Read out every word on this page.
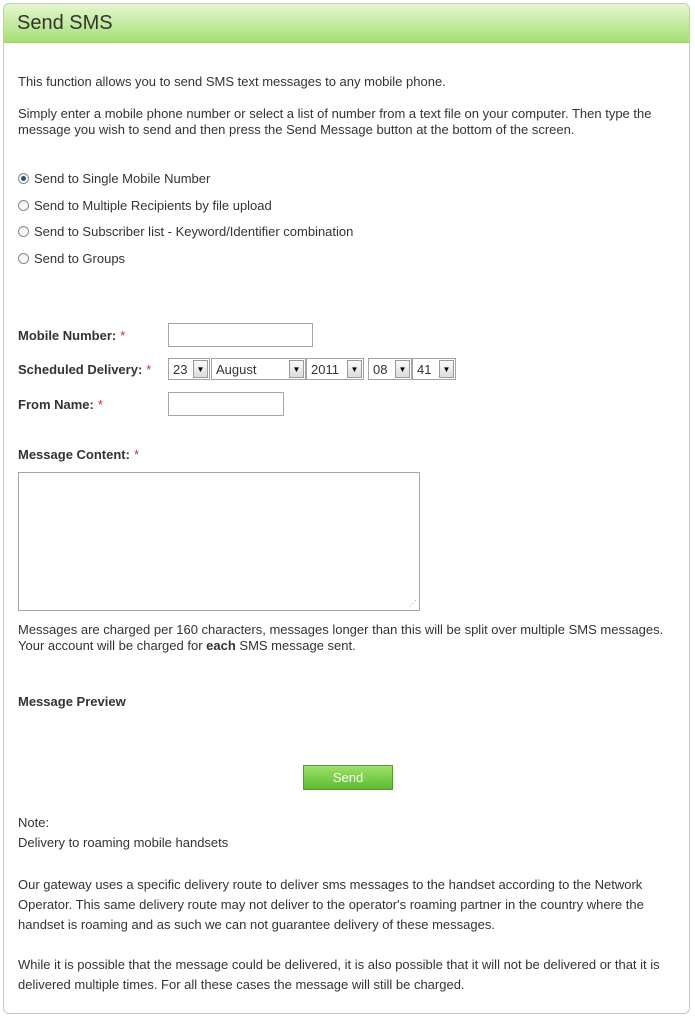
Send SMS
This function allows you to send SMS text messages to any mobile phone.
Simply enter a mobile phone number or select a list of number from a text file on your computer. Then type the message you wish to send and then press the Send Message button at the bottom of the screen.
Send to Single Mobile Number
Send to Multiple Recipients by file upload
Send to Subscriber list - Keyword/Identifier combination
Send to Groups
Mobile Number: *
Scheduled Delivery: *	23	▼ August	▼ 2011	▼	08	▼ 41	▼
From Name: *
Message Content: *
⋰
Messages are charged per 160 characters, messages longer than this will be split over multiple SMS messages.
Your account will be charged for each SMS message sent.
Message Preview
Send
Note:
Delivery to roaming mobile handsets
Our gateway uses a specific delivery route to deliver sms messages to the handset according to the Network Operator. This same delivery route may not deliver to the operator's roaming partner in the country where the handset is roaming and as such we can not guarantee delivery of these messages.
While it is possible that the message could be delivered, it is also possible that it will not be delivered or that it is delivered multiple times. For all these cases the message will still be charged.
